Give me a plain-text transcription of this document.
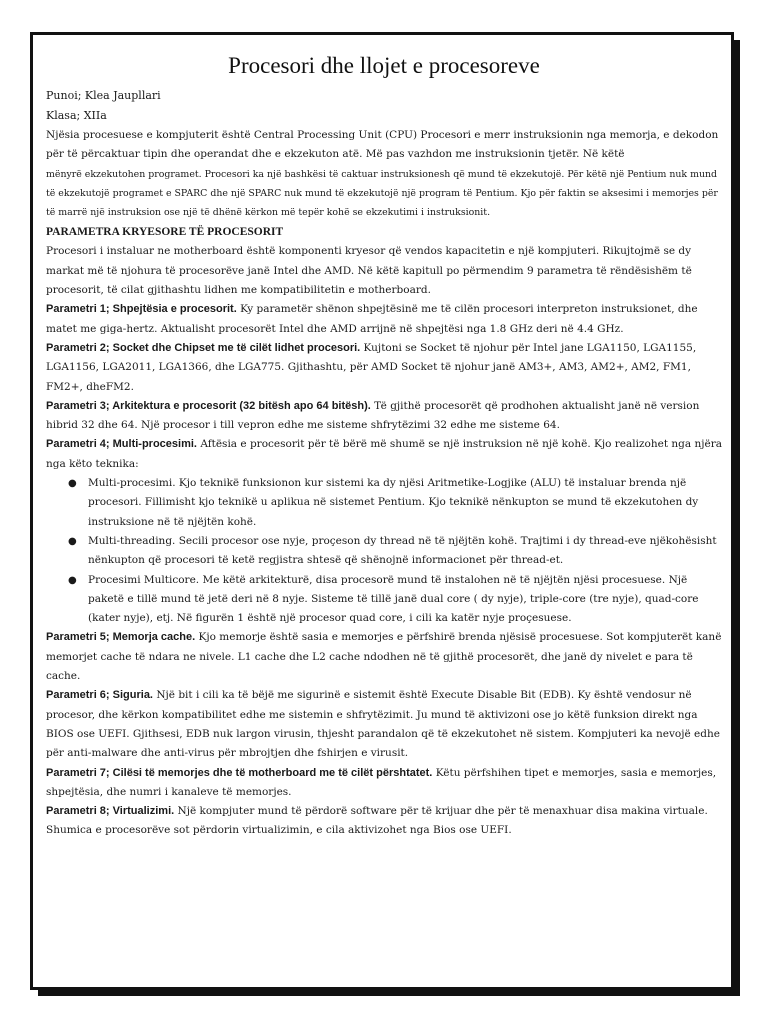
Procesori dhe llojet e procesoreve

Punoi; Klea Jaupllari

Klasa; XIIa

Njësia procesuese e kompjuterit është Central Processing Unit (CPU) Procesori e merr instruksionin nga memorja, e dekodon për të përcaktuar tipin dhe operandat dhe e ekzekuton atë. Më pas vazhdon me instruksionin tjetër. Në këtë

mënyrë ekzekutohen programet. Procesori ka një bashkësi të caktuar instruksionesh që mund të ekzekutojë. Për këtë një Pentium nuk mund të ekzekutojë programet e SPARC dhe një SPARC nuk mund të ekzekutojë një program të Pentium. Kjo për faktin se aksesimi i memorjes për të marrë një instruksion ose një të dhënë kërkon më tepër kohë se ekzekutimi i instruksionit.

PARAMETRA KRYESORE TË PROCESORIT

Procesori i instaluar ne motherboard është komponenti kryesor që vendos kapacitetin e një kompjuteri. Rikujtojmë se dy markat më të njohura të procesorëve janë Intel dhe AMD. Në këtë kapitull po përmendim 9 parametra të rëndësishëm të procesorit, të cilat gjithashtu lidhen me kompatibilitetin e motherboard.

Parametri 1; Shpejtësia e procesorit. Ky parametër shënon shpejtësinë me të cilën procesori interpreton instruksionet, dhe matet me giga-hertz. Aktualisht procesorët Intel dhe AMD arrijnë në shpejtësi nga 1.8 GHz deri në 4.4 GHz.

Parametri 2; Socket dhe Chipset me të cilët lidhet procesori. Kujtoni se Socket të njohur për Intel jane LGA1150, LGA1155, LGA1156, LGA2011, LGA1366, dhe LGA775. Gjithashtu, për AMD Socket të njohur janë AM3+, AM3, AM2+, AM2, FM1, FM2+, dheFM2.

Parametri 3; Arkitektura e procesorit (32 bitësh apo 64 bitësh). Të gjithë procesorët që prodhohen aktualisht janë në version hibrid 32 dhe 64. Një procesor i till vepron edhe me sisteme shfrytëzimi 32 edhe me sisteme 64.

Parametri 4; Multi-procesimi. Aftësia e procesorit për të bërë më shumë se një instruksion në një kohë. Kjo realizohet nga njëra nga këto teknika:

● Multi-procesimi. Kjo teknikë funksionon kur sistemi ka dy njësi Aritmetike-Logjike (ALU) të instaluar brenda një procesori. Fillimisht kjo teknikë u aplikua në sistemet Pentium. Kjo teknikë nënkupton se mund të ekzekutohen dy instruksione në të njëjtën kohë.
● Multi-threading. Secili procesor ose nyje, proçeson dy thread në të njëjtën kohë. Trajtimi i dy thread-eve njëkohësisht nënkupton që procesori të ketë regjistra shtesë që shënojnë informacionet për thread-et.
● Procesimi Multicore. Me këtë arkitekturë, disa procesorë mund të instalohen në të njëjtën njësi procesuese. Një paketë e tillë mund të jetë deri në 8 nyje. Sisteme të tillë janë dual core ( dy nyje), triple-core (tre nyje), quad-core (kater nyje), etj. Në figurën 1 është një procesor quad core, i cili ka katër nyje proçesuese.

Parametri 5; Memorja cache. Kjo memorje është sasia e memorjes e përfshirë brenda njësisë procesuese. Sot kompjuterët kanë memorjet cache të ndara ne nivele. L1 cache dhe L2 cache ndodhen në të gjithë procesorët, dhe janë dy nivelet e para të cache.

Parametri 6; Siguria. Një bit i cili ka të bëjë me sigurinë e sistemit është Execute Disable Bit (EDB). Ky është vendosur në procesor, dhe kërkon kompatibilitet edhe me sistemin e shfrytëzimit. Ju mund të aktivizoni ose jo këtë funksion direkt nga BIOS ose UEFI. Gjithsesi, EDB nuk largon virusin, thjesht parandalon që të ekzekutohet në sistem. Kompjuteri ka nevojë edhe për anti-malware dhe anti-virus për mbrojtjen dhe fshirjen e virusit.

Parametri 7; Cilësi të memorjes dhe të motherboard me të cilët përshtatet. Këtu përfshihen tipet e memorjes, sasia e memorjes, shpejtësia, dhe numri i kanaleve të memorjes.

Parametri 8; Virtualizimi. Një kompjuter mund të përdorë software për të krijuar dhe për të menaxhuar disa makina virtuale. Shumica e procesorëve sot përdorin virtualizimin, e cila aktivizohet nga Bios ose UEFI.
